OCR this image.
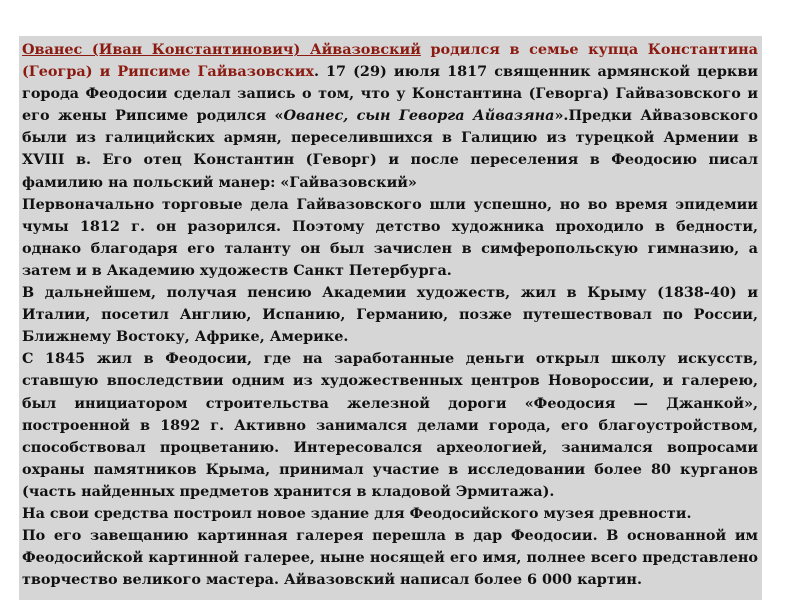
Ованес (Иван Константинович) Айвазовский родился в семье купца Константина (Геогра) и Рипсиме Гайвазовских. 17 (29) июля 1817 священник армянской церкви города Феодосии сделал запись о том, что у Константина (Геворга) Гайвазовского и его жены Рипсиме родился «Ованес, сын Геворга Айвазяна».Предки Айвазовского были из галицийских армян, переселившихся в Галицию из турецкой Армении в XVIII в. Его отец Константин (Геворг) и после переселения в Феодосию писал фамилию на польский манер: «Гайвазовский»

Первоначально торговые дела Гайвазовского шли успешно, но во время эпидемии чумы 1812 г. он разорился. Поэтому детство художника проходило в бедности, однако благодаря его таланту он был зачислен в симферопольскую гимназию, а затем и в Академию художеств Санкт Петербурга.

В дальнейшем, получая пенсию Академии художеств, жил в Крыму (1838-40) и Италии, посетил Англию, Испанию, Германию, позже путешествовал по России, Ближнему Востоку, Африке, Америке.

С 1845 жил в Феодосии, где на заработанные деньги открыл школу искусств, ставшую впоследствии одним из художественных центров Новороссии, и галерею, был инициатором строительства железной дороги «Феодосия — Джанкой», построенной в 1892 г. Активно занимался делами города, его благоустройством, способствовал процветанию. Интересовался археологией, занимался вопросами охраны памятников Крыма, принимал участие в исследовании более 80 курганов (часть найденных предметов хранится в кладовой Эрмитажа).

На свои средства построил новое здание для Феодосийского музея древности.

По его завещанию картинная галерея перешла в дар Феодосии. В основанной им Феодосийской картинной галерее, ныне носящей его имя, полнее всего представлено творчество великого мастера. Айвазовский написал более 6 000 картин.
